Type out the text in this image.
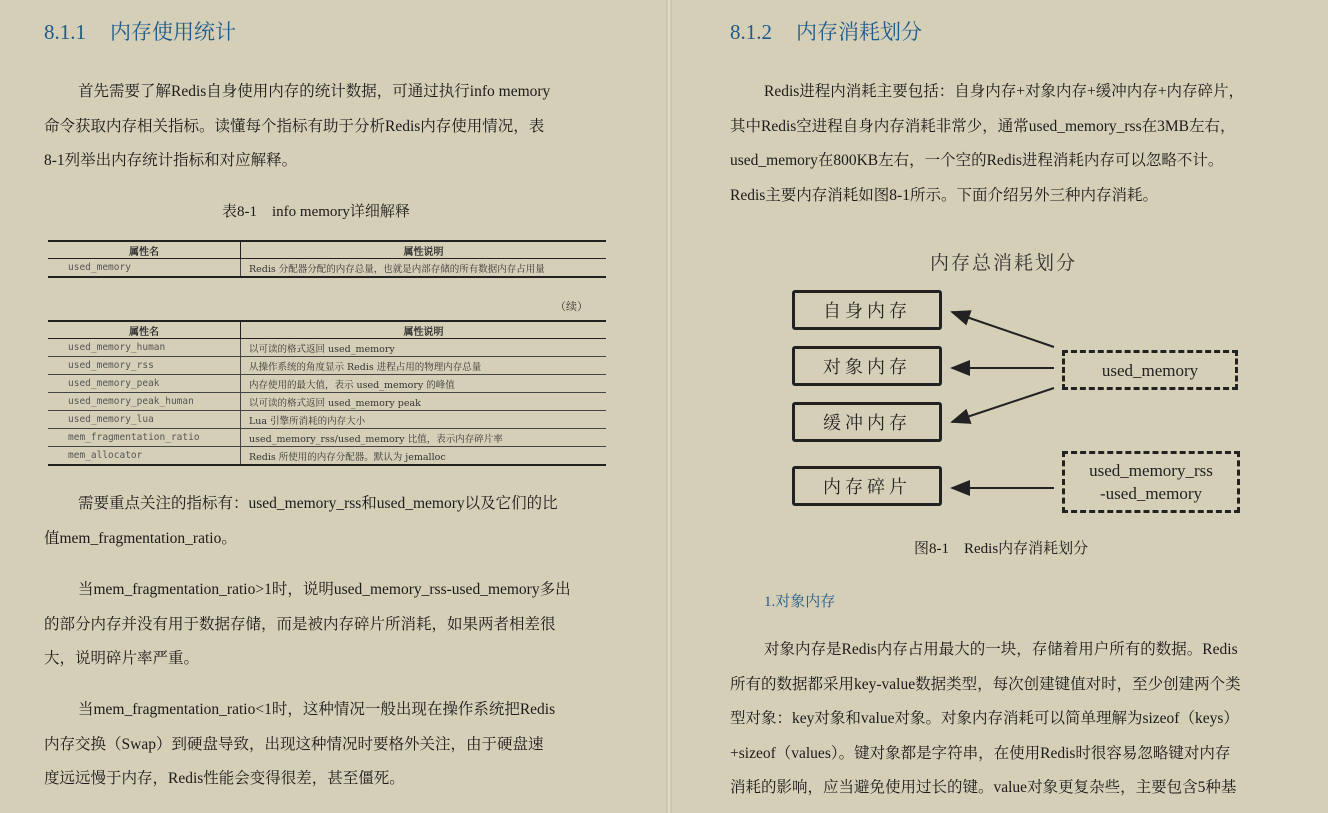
8.1.1 内存使用统计
首先需要了解Redis自身使用内存的统计数据，可通过执行info memory
命令获取内存相关指标。读懂每个指标有助于分析Redis内存使用情况，表
8-1列举出内存统计指标和对应解释。
表8-1　info memory详细解释
属性名	属性说明
used_memory	Redis 分配器分配的内存总量，也就是内部存储的所有数据内存占用量
（续）
属性名	属性说明
used_memory_human	以可读的格式返回 used_memory
used_memory_rss	从操作系统的角度显示 Redis 进程占用的物理内存总量
used_memory_peak	内存使用的最大值，表示 used_memory 的峰值
used_memory_peak_human	以可读的格式返回 used_memory peak
used_memory_lua	Lua 引擎所消耗的内存大小
mem_fragmentation_ratio	used_memory_rss/used_memory 比值，表示内存碎片率
mem_allocator	Redis 所使用的内存分配器。默认为 jemalloc
需要重点关注的指标有：used_memory_rss和used_memory以及它们的比
值mem_fragmentation_ratio。
当mem_fragmentation_ratio>1时，说明used_memory_rss-used_memory多出
的部分内存并没有用于数据存储，而是被内存碎片所消耗，如果两者相差很
大，说明碎片率严重。
当mem_fragmentation_ratio<1时，这种情况一般出现在操作系统把Redis
内存交换（Swap）到硬盘导致，出现这种情况时要格外关注，由于硬盘速
度远远慢于内存，Redis性能会变得很差，甚至僵死。
8.1.2 内存消耗划分
Redis进程内消耗主要包括：自身内存+对象内存+缓冲内存+内存碎片，
其中Redis空进程自身内存消耗非常少，通常used_memory_rss在3MB左右，
used_memory在800KB左右，一个空的Redis进程消耗内存可以忽略不计。
Redis主要内存消耗如图8-1所示。下面介绍另外三种内存消耗。
内存总消耗划分
自身内存
对象内存
缓冲内存
内存碎片
used_memory
used_memory_rss
-used_memory
图8-1　Redis内存消耗划分
1.对象内存
对象内存是Redis内存占用最大的一块，存储着用户所有的数据。Redis
所有的数据都采用key-value数据类型，每次创建键值对时，至少创建两个类
型对象：key对象和value对象。对象内存消耗可以简单理解为sizeof（keys）
+sizeof（values）。键对象都是字符串，在使用Redis时很容易忽略键对内存
消耗的影响，应当避免使用过长的键。value对象更复杂些，主要包含5种基
